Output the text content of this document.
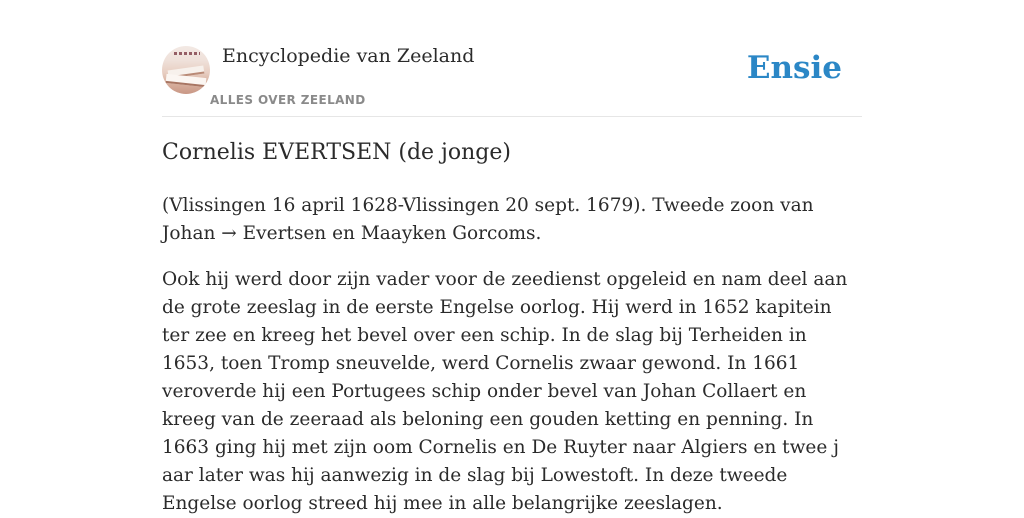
Encyclopedie van Zeeland
ALLES OVER ZEELAND
Ensie
Cornelis EVERTSEN (de jonge)

(Vlissingen 16 april 1628-Vlissingen 20 sept. 1679). Tweede zoon van Johan → Evertsen en Maayken Gorcoms.

Ook hij werd door zijn vader voor de zeedienst opgeleid en nam deel aan de grote zeeslag in de eerste Engelse oorlog. Hij werd in 1652 kapitein ter zee en kreeg het bevel over een schip. In de slag bij Terheiden in 1653, toen Tromp sneuvelde, werd Cornelis zwaar gewond. In 1661 veroverde hij een Portugees schip onder bevel van Johan Collaert en kreeg van de zeeraad als beloning een gouden ketting en penning. In 1663 ging hij met zijn oom Cornelis en De Ruyter naar Algiers en twee j aar later was hij aanwezig in de slag bij Lowestoft. In deze tweede Engelse oorlog streed hij mee in alle belangrijke zeeslagen.
